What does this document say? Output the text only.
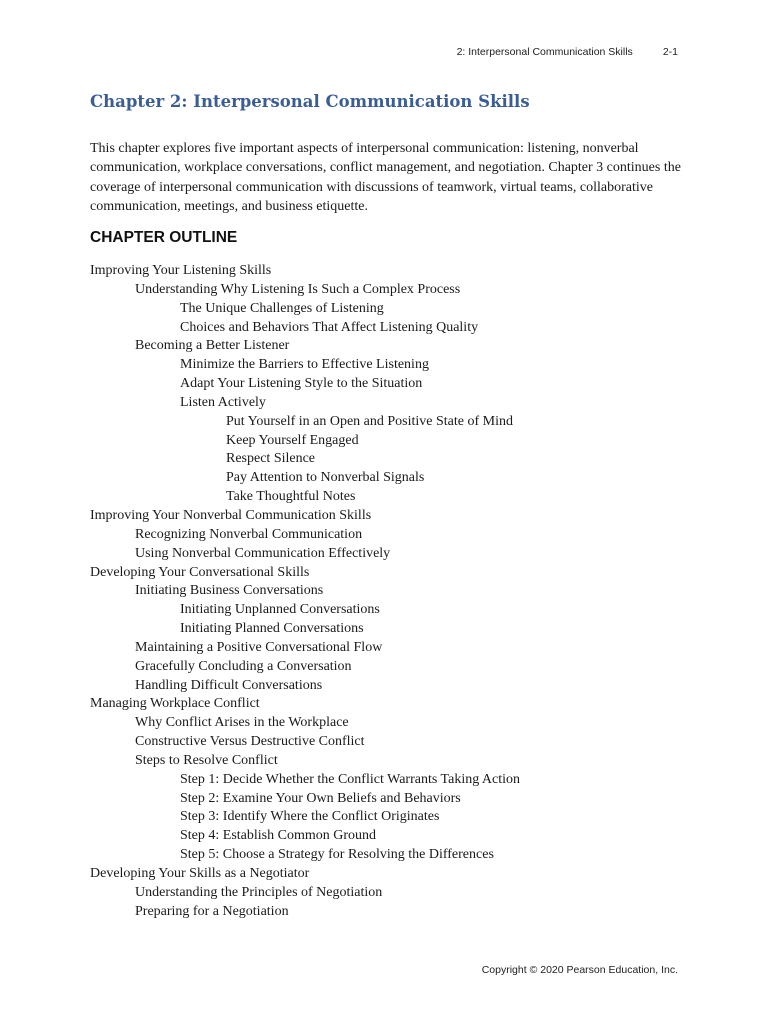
2: Interpersonal Communication Skills	2-1
Chapter 2: Interpersonal Communication Skills

This chapter explores five important aspects of interpersonal communication: listening, nonverbal communication, workplace conversations, conflict management, and negotiation. Chapter 3 continues the coverage of interpersonal communication with discussions of teamwork, virtual teams, collaborative communication, meetings, and business etiquette.

CHAPTER OUTLINE
Improving Your Listening Skills
Understanding Why Listening Is Such a Complex Process
The Unique Challenges of Listening
Choices and Behaviors That Affect Listening Quality
Becoming a Better Listener
Minimize the Barriers to Effective Listening
Adapt Your Listening Style to the Situation
Listen Actively
Put Yourself in an Open and Positive State of Mind
Keep Yourself Engaged
Respect Silence
Pay Attention to Nonverbal Signals
Take Thoughtful Notes
Improving Your Nonverbal Communication Skills
Recognizing Nonverbal Communication
Using Nonverbal Communication Effectively
Developing Your Conversational Skills
Initiating Business Conversations
Initiating Unplanned Conversations
Initiating Planned Conversations
Maintaining a Positive Conversational Flow
Gracefully Concluding a Conversation
Handling Difficult Conversations
Managing Workplace Conflict
Why Conflict Arises in the Workplace
Constructive Versus Destructive Conflict
Steps to Resolve Conflict
Step 1: Decide Whether the Conflict Warrants Taking Action
Step 2: Examine Your Own Beliefs and Behaviors
Step 3: Identify Where the Conflict Originates
Step 4: Establish Common Ground
Step 5: Choose a Strategy for Resolving the Differences
Developing Your Skills as a Negotiator
Understanding the Principles of Negotiation
Preparing for a Negotiation
Copyright © 2020 Pearson Education, Inc.
